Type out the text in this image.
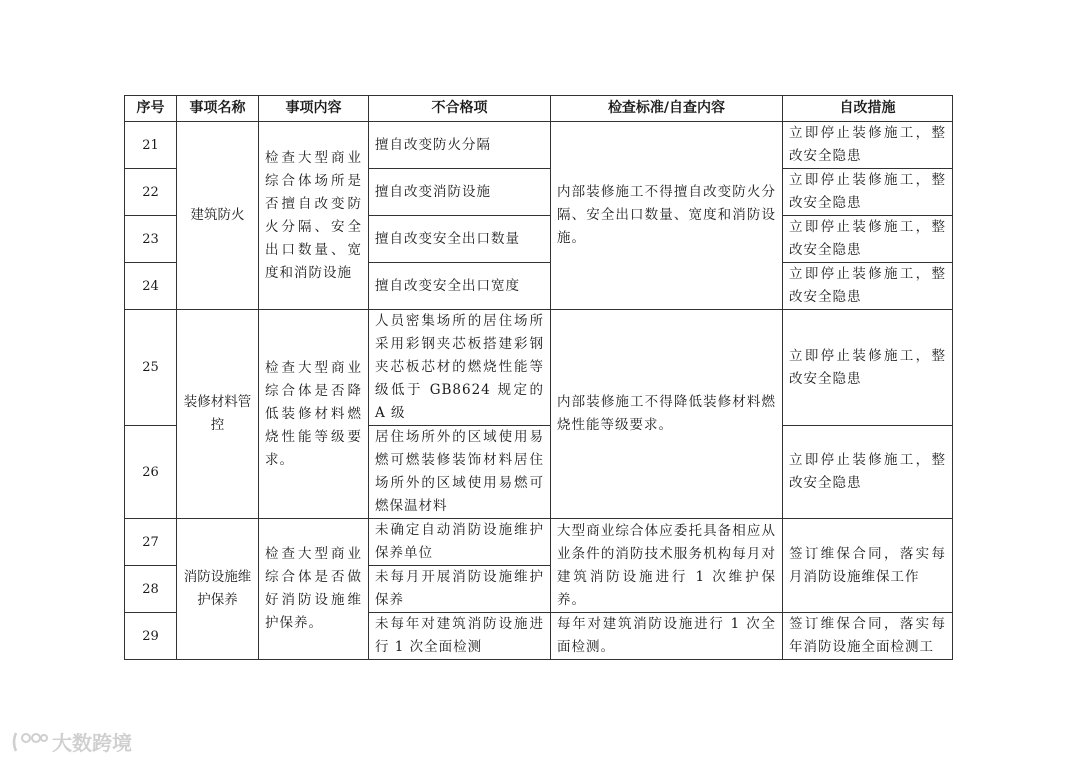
序号	事项名称	事项内容	不合格项	检查标准/自查内容	自改措施
21	建筑防火	检查大型商业综合体场所是否擅自改变防火分隔、安全出口数量、宽度和消防设施	擅自改变防火分隔	内部装修施工不得擅自改变防火分隔、安全出口数量、宽度和消防设施。	立即停止装修施工，整改安全隐患
22			擅自改变消防设施		立即停止装修施工，整改安全隐患
23			擅自改变安全出口数量		立即停止装修施工，整改安全隐患
24			擅自改变安全出口宽度		立即停止装修施工，整改安全隐患
25	装修材料管控	检查大型商业综合体是否降低装修材料燃烧性能等级要求。	人员密集场所的居住场所采用彩钢夹芯板搭建彩钢夹芯板芯材的燃烧性能等级低于 GB8624 规定的 A 级	内部装修施工不得降低装修材料燃烧性能等级要求。	立即停止装修施工，整改安全隐患
26			居住场所外的区域使用易燃可燃装修装饰材料居住场所外的区域使用易燃可燃保温材料		立即停止装修施工，整改安全隐患
27	消防设施维护保养	检查大型商业综合体是否做好消防设施维护保养。	未确定自动消防设施维护保养单位	大型商业综合体应委托具备相应从业条件的消防技术服务机构每月对建筑消防设施进行 1 次维护保养。	签订维保合同，落实每月消防设施维保工作
28			未每月开展消防设施维护保养		
29			未每年对建筑消防设施进行 1 次全面检测	每年对建筑消防设施进行 1 次全面检测。	签订维保合同，落实每年消防设施全面检测工
大数跨境
